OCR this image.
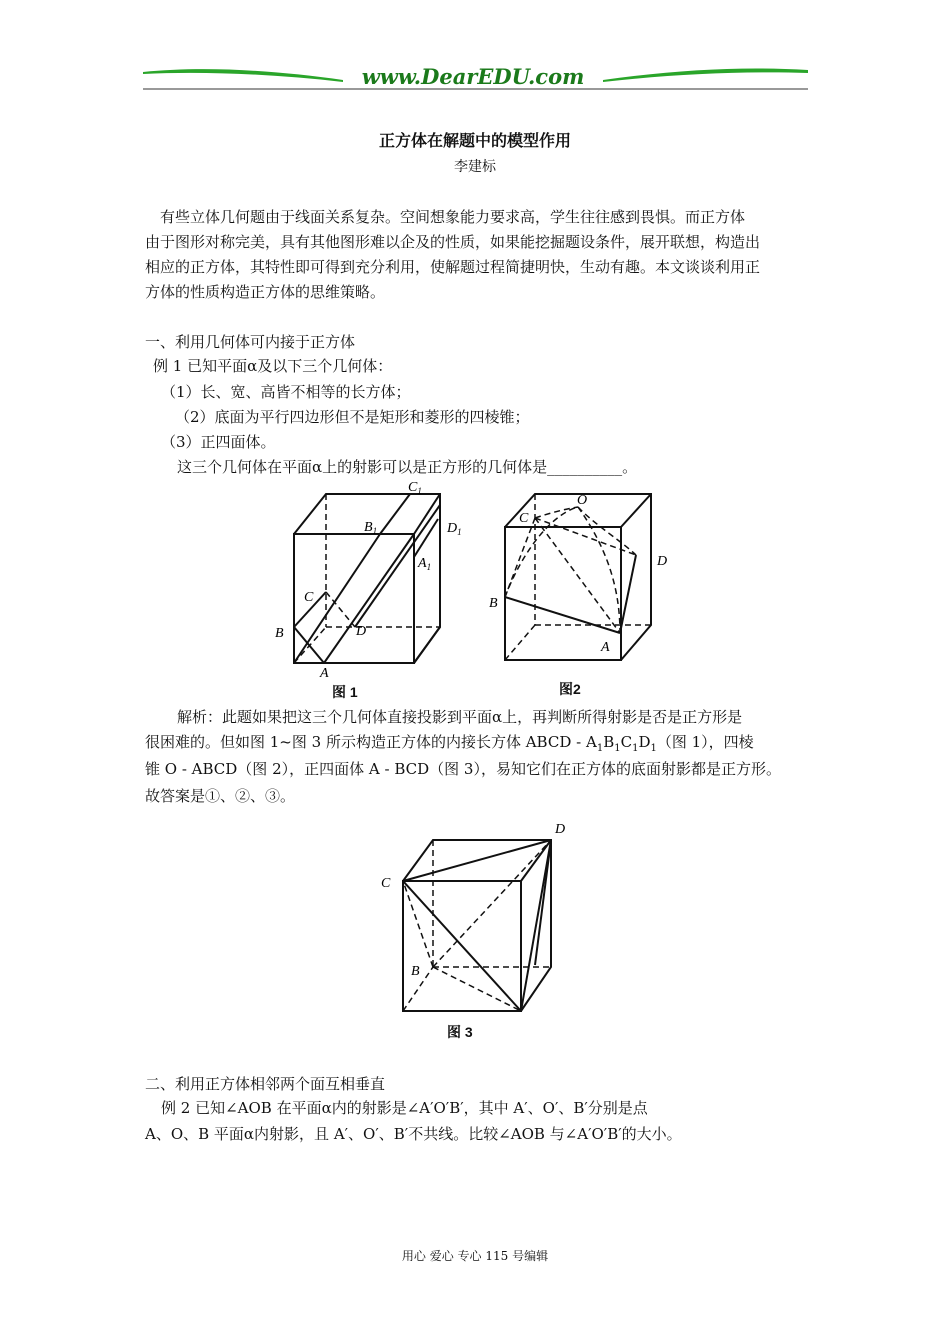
www.DearEDU.com
正方体在解题中的模型作用
李建标
有些立体几何题由于线面关系复杂。空间想象能力要求高，学生往往感到畏惧。而正方体
由于图形对称完美，具有其他图形难以企及的性质，如果能挖掘题设条件，展开联想，构造出
相应的正方体，其特性即可得到充分利用，使解题过程简捷明快，生动有趣。本文谈谈利用正
方体的性质构造正方体的思维策略。
一、利用几何体可内接于正方体
例 1 已知平面α及以下三个几何体：
（1）长、宽、高皆不相等的长方体；
（2）底面为平行四边形但不是矩形和菱形的四棱锥；
（3）正四面体。
这三个几何体在平面α上的射影可以是正方形的几何体是__________。
$C_1$
$B_1$	$D_1$
$A_1$
C
D
B
A
图 1
O
C
D
B
A
图2
解析：此题如果把这三个几何体直接投影到平面α上，再判断所得射影是否是正方形是
很困难的。但如图 1~图 3 所示构造正方体的内接长方体 ABCD - $A_1B_1C_1D_1$（图 1），四棱
锥 O - ABCD（图 2），正四面体 A - BCD（图 3），易知它们在正方体的底面射影都是正方形。
故答案是①、②、③。
D
C
B
图 3
二、利用正方体相邻两个面互相垂直
例 2 已知∠AOB 在平面α内的射影是∠A′O′B′，其中 A′、O′、B′分别是点
A、O、B 平面α内射影，且 A′、O′、B′不共线。比较∠AOB 与∠A′O′B′的大小。
用心 爱心 专心 115 号编辑
